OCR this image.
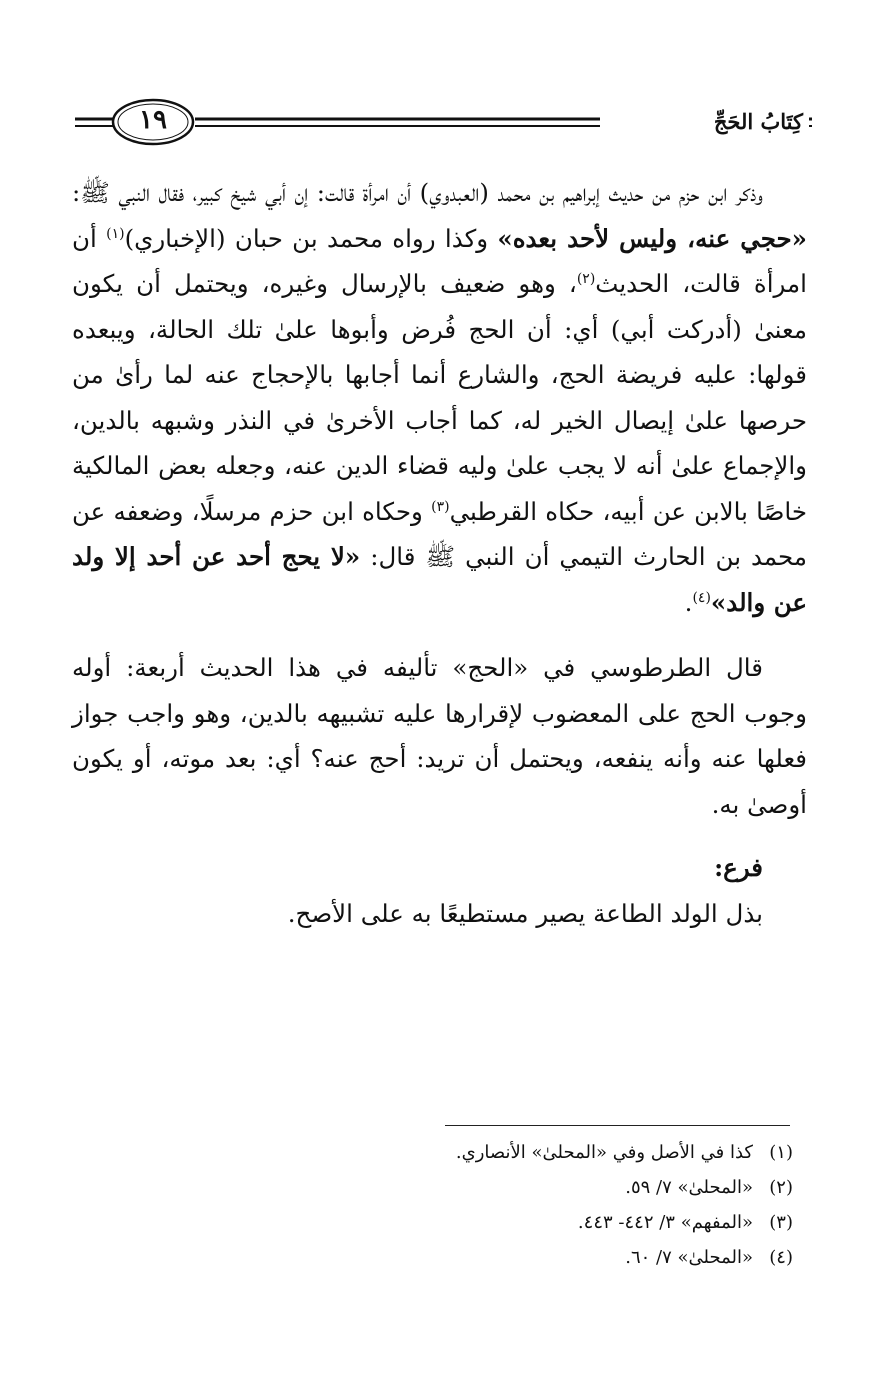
كِتَابُ الحَجِّ
١٩

وذكر ابن حزم من حديث إبراهيم بن محمد (العبدوي) أن امرأة قالت: إن أبي شيخ كبير، فقال النبي ﷺ: «حجي عنه، وليس لأحد بعده» وكذا رواه محمد بن حبان (الإخباري)$^{(١)}$ أن امرأة قالت، الحديث$^{(٢)}$، وهو ضعيف بالإرسال وغيره، ويحتمل أن يكون معنىٰ (أدركت أبي) أي: أن الحج فُرض وأبوها علىٰ تلك الحالة، ويبعده قولها: عليه فريضة الحج، والشارع أنما أجابها بالإحجاج عنه لما رأىٰ من حرصها علىٰ إيصال الخير له، كما أجاب الأخرىٰ في النذر وشبهه بالدين، والإجماع علىٰ أنه لا يجب علىٰ وليه قضاء الدين عنه، وجعله بعض المالكية خاصًا بالابن عن أبيه، حكاه القرطبي$^{(٣)}$ وحكاه ابن حزم مرسلًا، وضعفه عن محمد بن الحارث التيمي أن النبي ﷺ قال: «لا يحج أحد عن أحد إلا ولد عن والد»$^{(٤)}$.

قال الطرطوسي في «الحج» تأليفه في هذا الحديث أربعة: أوله وجوب الحج على المعضوب لإقرارها عليه تشبيهه بالدين، وهو واجب جواز فعلها عنه وأنه ينفعه، ويحتمل أن تريد: أحج عنه؟ أي: بعد موته، أو يكون أوصىٰ به.

فرع:
بذل الولد الطاعة يصير مستطيعًا به على الأصح.
(١)كذا في الأصل وفي «المحلىٰ» الأنصاري.
(٢)«المحلىٰ» ٧/ ٥٩.
(٣)«المفهم» ٣/ ٤٤٢- ٤٤٣.
(٤)«المحلىٰ» ٧/ ٦٠.
